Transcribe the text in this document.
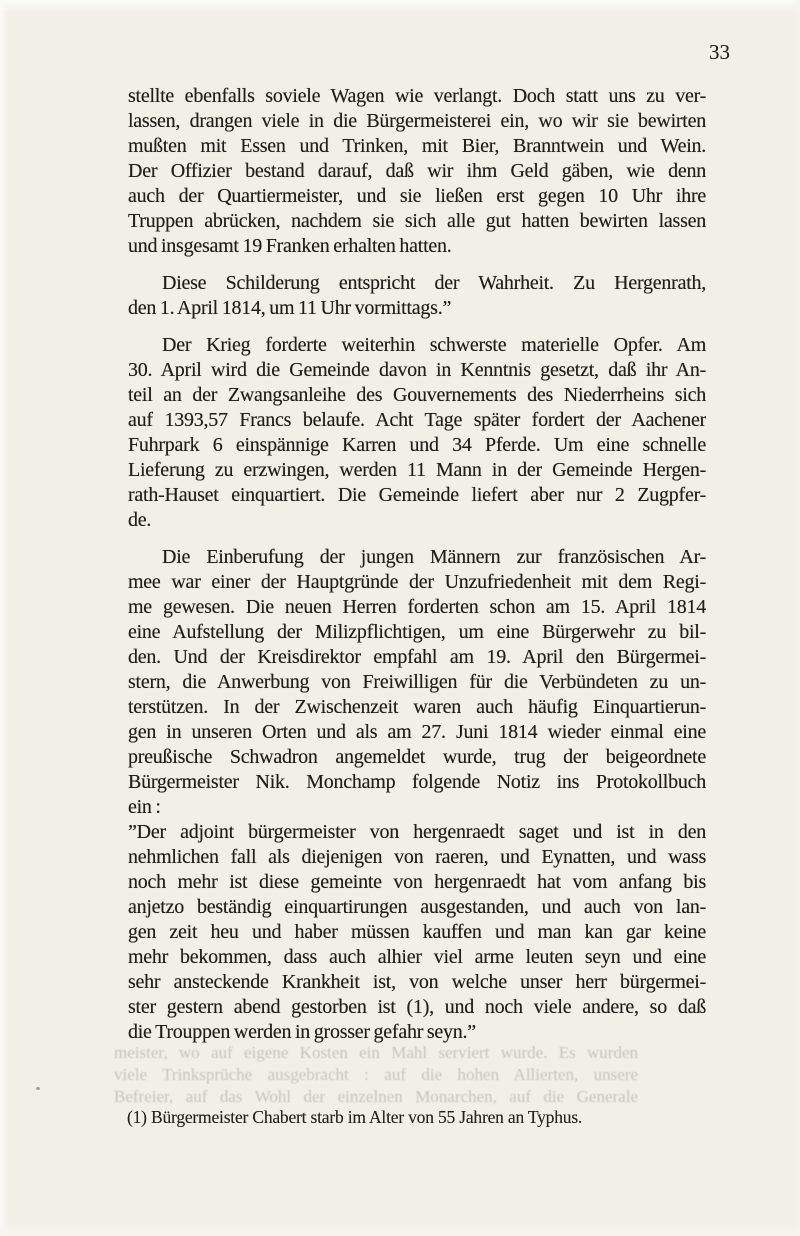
meister, wo auf eigene Kosten ein Mahl serviert wurde. Es wurden
viele Trinksprüche ausgebracht : auf die hohen Allierten, unsere
Befreier, auf das Wohl der einzelnen Monarchen, auf die Generale
33
stellte ebenfalls soviele Wagen wie verlangt. Doch statt uns zu ver-
lassen, drangen viele in die Bürgermeisterei ein, wo wir sie bewirten
mußten mit Essen und Trinken, mit Bier, Branntwein und Wein.
Der Offizier bestand darauf, daß wir ihm Geld gäben, wie denn
auch der Quartiermeister, und sie ließen erst gegen 10 Uhr ihre
Truppen abrücken, nachdem sie sich alle gut hatten bewirten lassen
und insgesamt 19 Franken erhalten hatten.
Diese Schilderung entspricht der Wahrheit. Zu Hergenrath,
den 1. April 1814, um 11 Uhr vormittags.”
Der Krieg forderte weiterhin schwerste materielle Opfer. Am
30. April wird die Gemeinde davon in Kenntnis gesetzt, daß ihr An-
teil an der Zwangsanleihe des Gouvernements des Niederrheins sich
auf 1393,57 Francs belaufe. Acht Tage später fordert der Aachener
Fuhrpark 6 einspännige Karren und 34 Pferde. Um eine schnelle
Lieferung zu erzwingen, werden 11 Mann in der Gemeinde Hergen-
rath-Hauset einquartiert. Die Gemeinde liefert aber nur 2 Zugpfer-
de.
Die Einberufung der jungen Männern zur französischen Ar-
mee war einer der Hauptgründe der Unzufriedenheit mit dem Regi-
me gewesen. Die neuen Herren forderten schon am 15. April 1814
eine Aufstellung der Milizpflichtigen, um eine Bürgerwehr zu bil-
den. Und der Kreisdirektor empfahl am 19. April den Bürgermei-
stern, die Anwerbung von Freiwilligen für die Verbündeten zu un-
terstützen. In der Zwischenzeit waren auch häufig Einquartierun-
gen in unseren Orten und als am 27. Juni 1814 wieder einmal eine
preußische Schwadron angemeldet wurde, trug der beigeordnete
Bürgermeister Nik. Monchamp folgende Notiz ins Protokollbuch
ein :
”Der adjoint bürgermeister von hergenraedt saget und ist in den
nehmlichen fall als diejenigen von raeren, und Eynatten, und wass
noch mehr ist diese gemeinte von hergenraedt hat vom anfang bis
anjetzo beständig einquartirungen ausgestanden, und auch von lan-
gen zeit heu und haber müssen kauffen und man kan gar keine
mehr bekommen, dass auch alhier viel arme leuten seyn und eine
sehr ansteckende Krankheit ist, von welche unser herr bürgermei-
ster gestern abend gestorben ist (1), und noch viele andere, so daß
die Trouppen werden in grosser gefahr seyn.”
(1) Bürgermeister Chabert starb im Alter von 55 Jahren an Typhus.
